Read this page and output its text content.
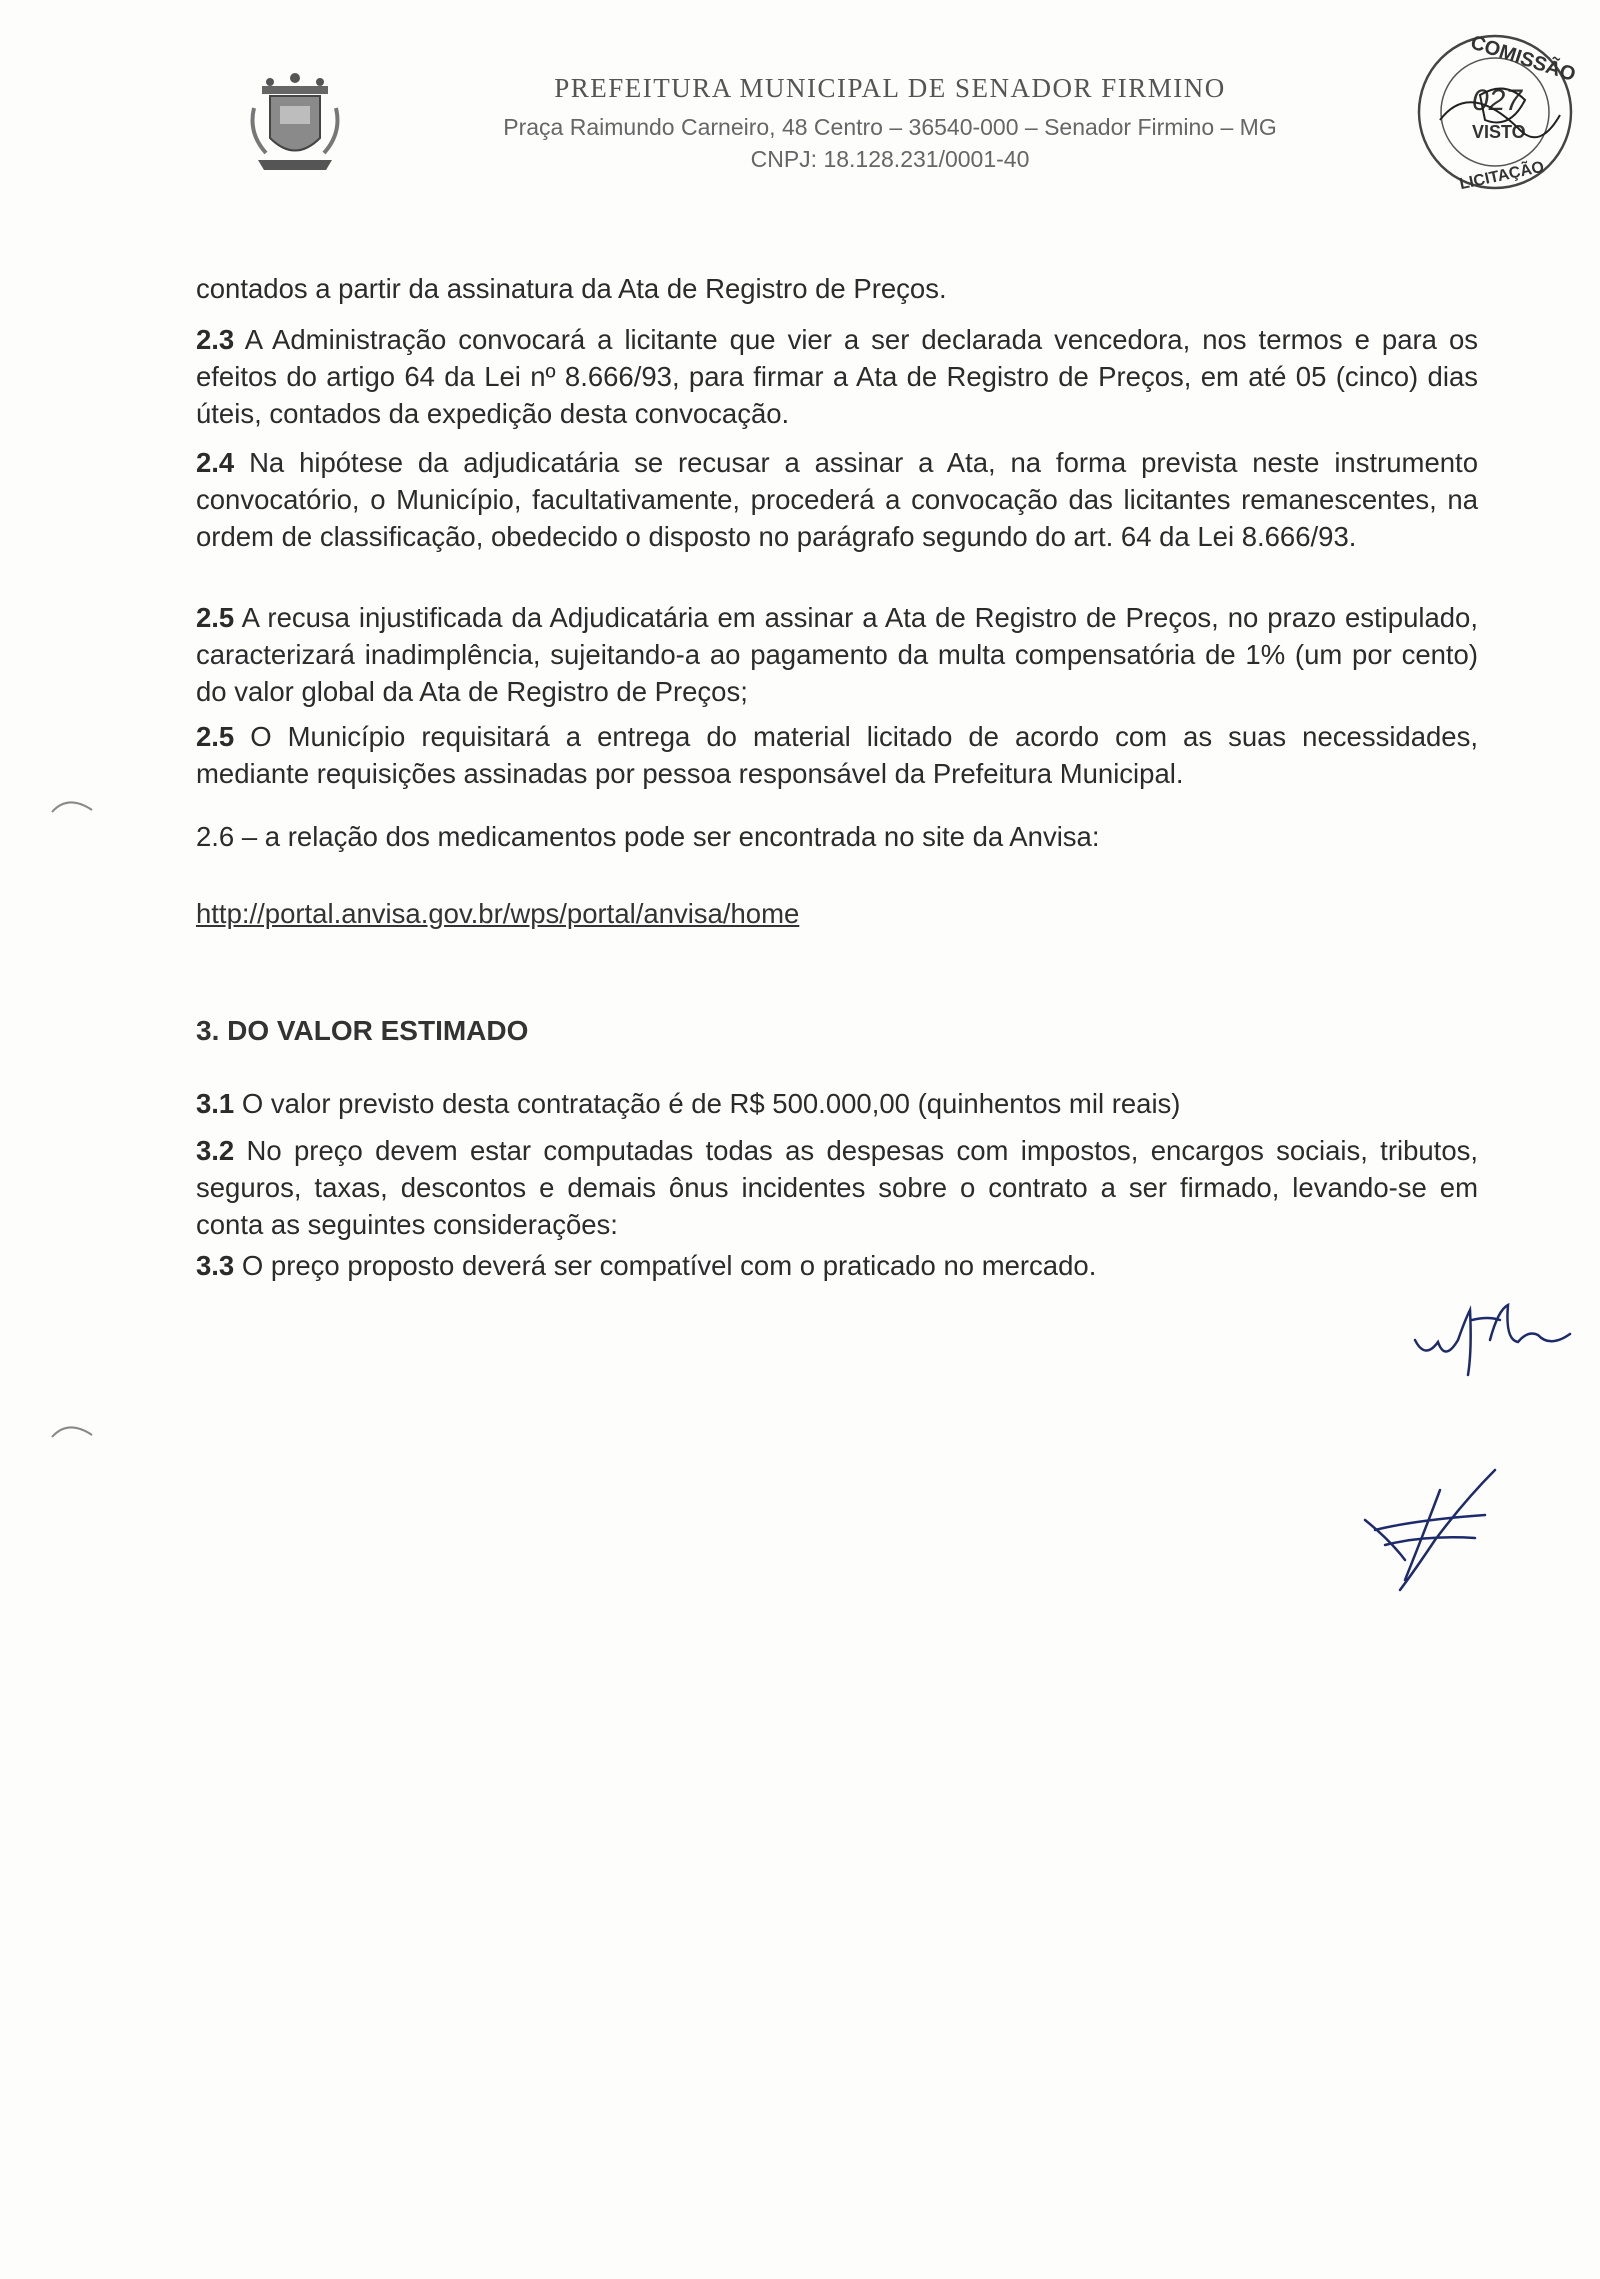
PREFEITURA MUNICIPAL DE SENADOR FIRMINO

Praça Raimundo Carneiro, 48 Centro – 36540-000 – Senador Firmino – MG

CNPJ: 18.128.231/0001-40

COMISSÃO
027
VISTO
LICITAÇÃO

contados a partir da assinatura da Ata de Registro de Preços.

2.3 A Administração convocará a licitante que vier a ser declarada vencedora, nos termos e para os efeitos do artigo 64 da Lei nº 8.666/93, para firmar a Ata de Registro de Preços, em até 05 (cinco) dias úteis, contados da expedição desta convocação.

2.4 Na hipótese da adjudicatária se recusar a assinar a Ata, na forma prevista neste instrumento convocatório, o Município, facultativamente, procederá a convocação das licitantes remanescentes, na ordem de classificação, obedecido o disposto no parágrafo segundo do art. 64 da Lei 8.666/93.

2.5 A recusa injustificada da Adjudicatária em assinar a Ata de Registro de Preços, no prazo estipulado, caracterizará inadimplência, sujeitando-a ao pagamento da multa compensatória de 1% (um por cento) do valor global da Ata de Registro de Preços;

2.5 O Município requisitará a entrega do material licitado de acordo com as suas necessidades, mediante requisições assinadas por pessoa responsável da Prefeitura Municipal.

2.6 – a relação dos medicamentos pode ser encontrada no site da Anvisa:

http://portal.anvisa.gov.br/wps/portal/anvisa/home

3. DO VALOR ESTIMADO

3.1 O valor previsto desta contratação é de R$ 500.000,00 (quinhentos mil reais)

3.2 No preço devem estar computadas todas as despesas com impostos, encargos sociais, tributos, seguros, taxas, descontos e demais ônus incidentes sobre o contrato a ser firmado, levando-se em conta as seguintes considerações:

3.3 O preço proposto deverá ser compatível com o praticado no mercado.
